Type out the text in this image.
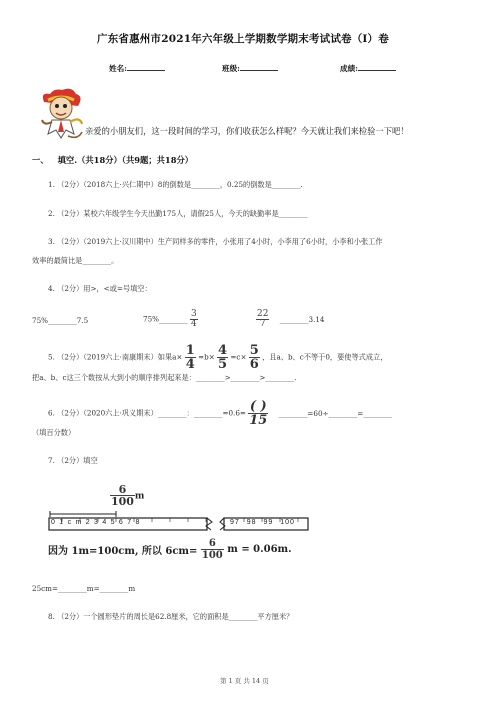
广东省惠州市2021年六年级上学期数学期末考试试卷（I）卷
姓名:	班级:	成绩:
亲爱的小朋友们，这一段时间的学习，你们收获怎么样呢？今天就让我们来检验一下吧！
一、 填空.（共18分）（共9题；共18分）
1. （2分）（2018六上·兴仁期中）8的倒数是________，0.25的倒数是________.
2. （2分）某校六年级学生今天出勤175人，请假25人，今天的缺勤率是________
3. （2分）（2019六上·汉川期中）生产同样多的零件，小张用了4小时，小李用了6小时，小李和小张工作
效率的最简比是________。
4. （2分）用>，<或=号填空：
75%________7.5	75%________ $\frac{3}{4}$	$\frac{22}{7}$ ________3.14
5. （2分）（2019六上·南康期末）如果$a\times \frac{1}{4} =b\times \frac{4}{5} =c\times \frac{5}{6}$ ，且a、b、c不等于0，要使等式成立，
把a、b、c这三个数按从大到小的顺序排列起来是：________>________>________.
6. （2分）（2020六上·巩义期末）________：________=0.6= $\frac{( )}{15}$ ________=60÷________=________
（填百分数）
7. （2分）填空
$\frac{6}{100}$ m
01cm2345678	97 98 99 100
因为 1m=100cm, 所以 $6cm= \frac{6}{100}$ m = 0.06m.
25cm=________m=________m
8. （2分）一个圆形垫片的周长是62.8厘米，它的面积是________平方厘米？
第 1 页 共 14 页
